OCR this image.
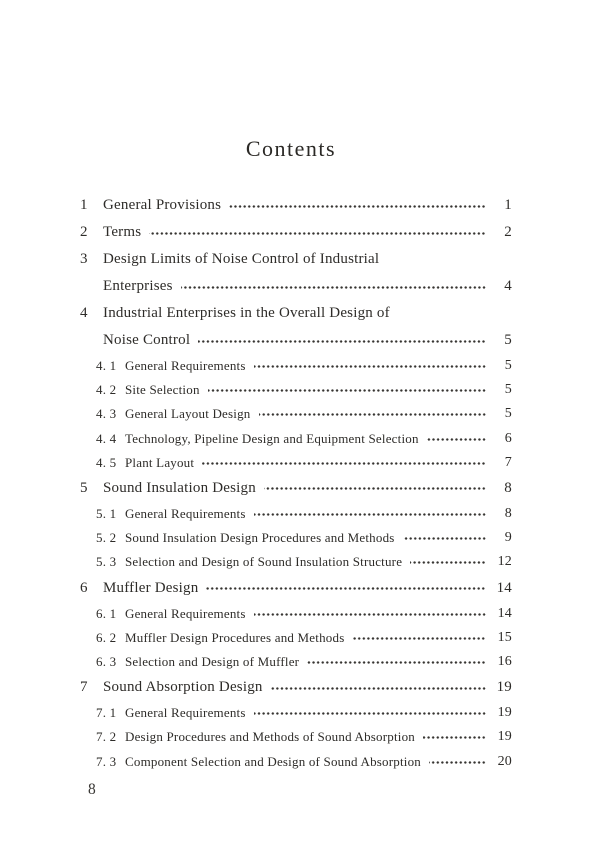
Contents
1	General Provisions	1
2	Terms	2
3	Design Limits of Noise Control of Industrial
Enterprises	4
4	Industrial Enterprises in the Overall Design of
Noise Control	5
4. 1 General Requirements	5
4. 2 Site Selection	5
4. 3 General Layout Design	5
4. 4 Technology, Pipeline Design and Equipment Selection	6
4. 5 Plant Layout	7
5	Sound Insulation Design	8
5. 1 General Requirements	8
5. 2 Sound Insulation Design Procedures and Methods	9
5. 3 Selection and Design of Sound Insulation Structure	12
6	Muffler Design	14
6. 1 General Requirements	14
6. 2 Muffler Design Procedures and Methods	15
6. 3 Selection and Design of Muffler	16
7	Sound Absorption Design	19
7. 1 General Requirements	19
7. 2 Design Procedures and Methods of Sound Absorption	19
7. 3 Component Selection and Design of Sound Absorption	20
8
